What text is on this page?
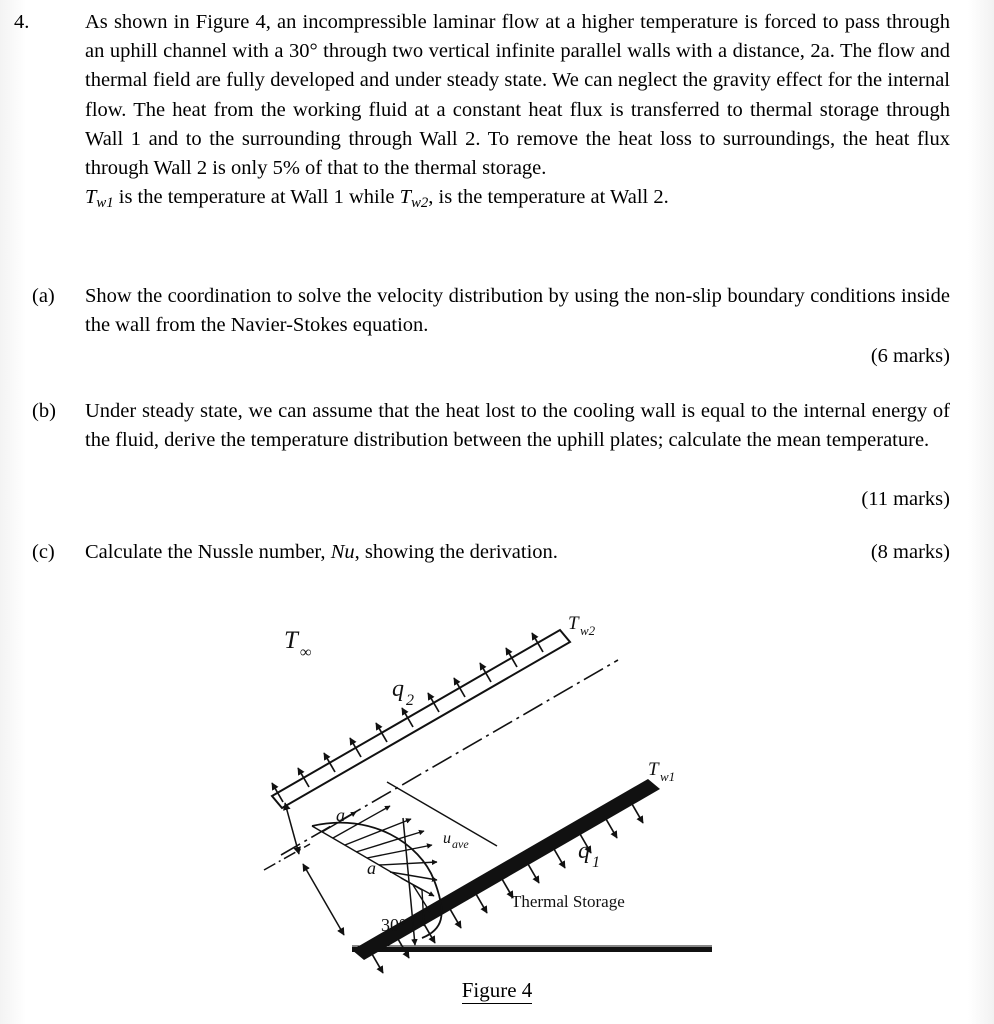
4.	As shown in Figure 4, an incompressible laminar flow at a higher temperature is forced to pass through an uphill channel with a 30° through two vertical infinite parallel walls with a distance, 2a. The flow and thermal field are fully developed and under steady state. We can neglect the gravity effect for the internal flow. The heat from the working fluid at a constant heat flux is transferred to thermal storage through Wall 1 and to the surrounding through Wall 2. To remove the heat loss to surroundings, the heat flux through Wall 2 is only 5% of that to the thermal storage.
$T_{w1}$ is the temperature at Wall 1 while $T_{w2}$, is the temperature at Wall 2.
(a)	Show the coordination to solve the velocity distribution by using the non-slip boundary conditions inside the wall from the Navier-Stokes equation.
(6 marks)
(b)	Under steady state, we can assume that the heat lost to the cooling wall is equal to the internal energy of the fluid, derive the temperature distribution between the uphill plates; calculate the mean temperature.
(11 marks)
(c)	Calculate the Nussle number, Nu, showing the derivation.	(8 marks)
T ∞
q 2
T w2
T w1
q 1
u ave
a
a
30°
Thermal Storage
Figure 4
